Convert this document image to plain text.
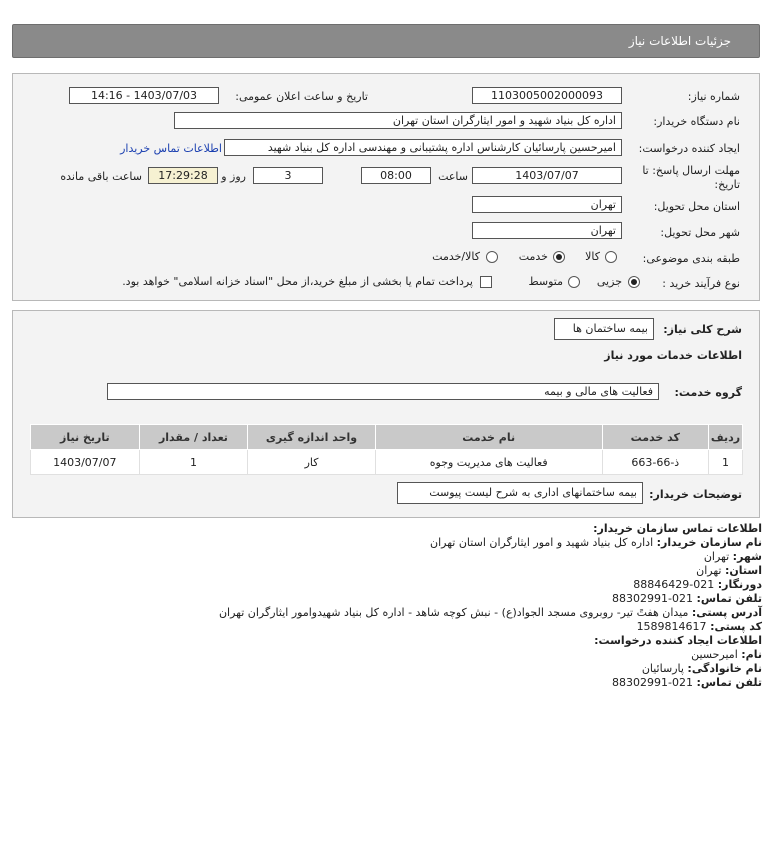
جزئیات اطلاعات نیاز
شماره نیاز:
1103005002000093
تاریخ و ساعت اعلان عمومی:
1403/07/03 - 14:16
نام دستگاه خریدار:
اداره کل بنیاد شهید و امور ایثارگران استان تهران
ایجاد کننده درخواست:
امیرحسین پارسائیان کارشناس اداره پشتیبانی و مهندسی اداره کل بنیاد شهید
اطلاعات تماس خریدار
مهلت ارسال پاسخ: تا
تاریخ:
1403/07/07
ساعت
08:00
3
روز و
17:29:28
ساعت باقی مانده
استان محل تحویل:
تهران
شهر محل تحویل:
تهران
طبقه بندی موضوعی:
کالا
خدمت
کالا/خدمت
نوع فرآیند خرید :
جزیی
متوسط
پرداخت تمام یا بخشی از مبلغ خرید،از محل "اسناد خزانه اسلامی" خواهد بود.
شرح کلی نیاز:
بیمه ساختمان ها
اطلاعات خدمات مورد نیاز
گروه خدمت:
فعالیت های مالی و بیمه
ردیف	کد خدمت	نام خدمت	واحد اندازه گیری	تعداد / مقدار	تاریخ نیاز
1	ذ-66-663	فعالیت های مدیریت وجوه	کار	1	1403/07/07
توضیحات خریدار:
بیمه ساختمانهای اداری به شرح لیست پیوست
اطلاعات تماس سازمان خریدار:
نام سازمان خریدار: اداره کل بنیاد شهید و امور ایثارگران استان تهران
شهر: تهران
استان: تهران
دورنگار: 021-88846429
تلفن تماس: 021-88302991
آدرس پستی: میدان هفتً تیر- روبروی مسجد الجواد(ع) - نبش کوچه شاهد - اداره کل بنیاد شهیدوامور ایثارگران تهران
کد پستی: 1589814617
اطلاعات ایجاد کننده درخواست:
نام: امیرحسین
نام خانوادگی: پارسائیان
تلفن تماس: 021-88302991
